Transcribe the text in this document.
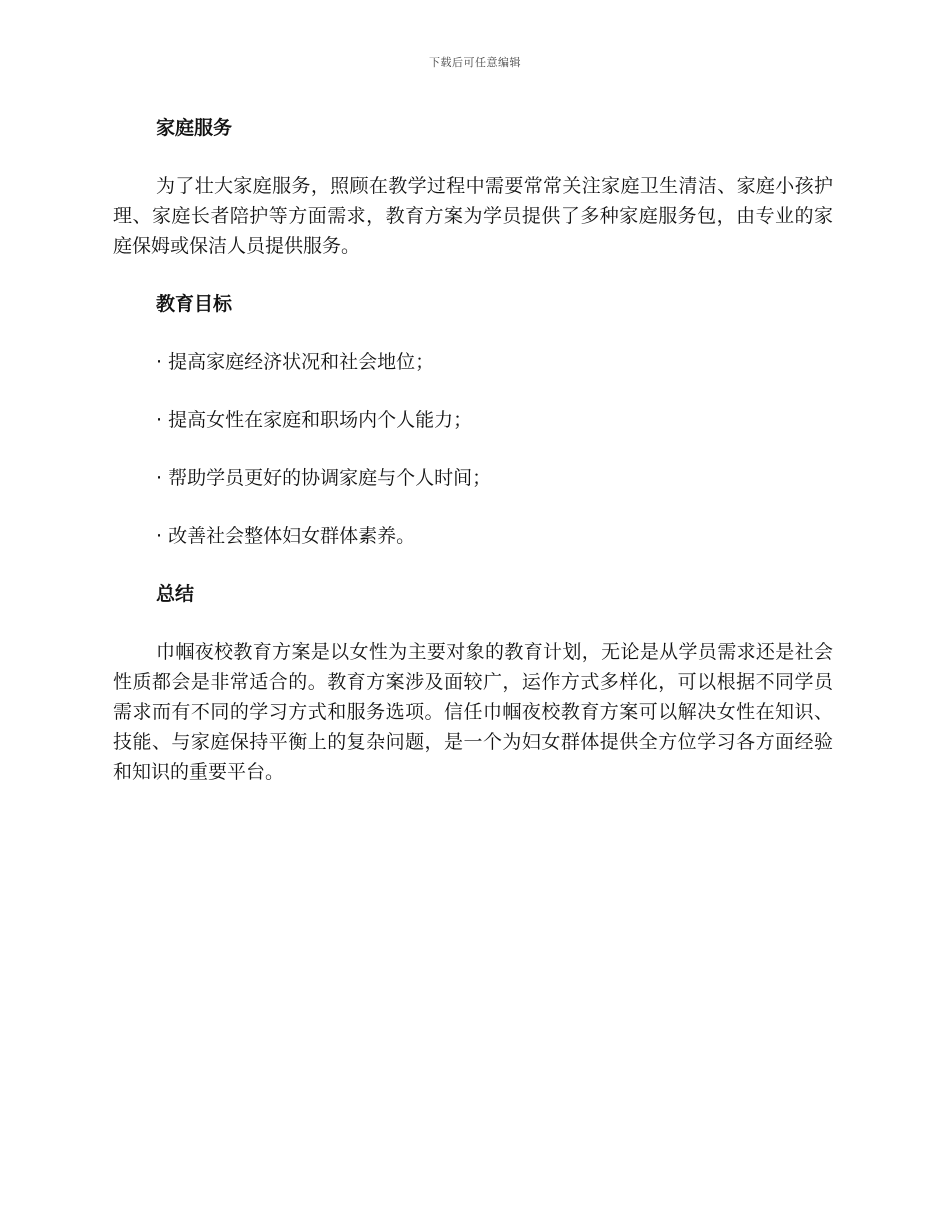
下载后可任意编辑
家庭服务

为了壮大家庭服务，照顾在教学过程中需要常常关注家庭卫生清洁、家庭小孩护理、家庭长者陪护等方面需求，教育方案为学员提供了多种家庭服务包，由专业的家庭保姆或保洁人员提供服务。

教育目标

· 提高家庭经济状况和社会地位；

· 提高女性在家庭和职场内个人能力；

· 帮助学员更好的协调家庭与个人时间；

· 改善社会整体妇女群体素养。

总结

巾帼夜校教育方案是以女性为主要对象的教育计划，无论是从学员需求还是社会性质都会是非常适合的。教育方案涉及面较广，运作方式多样化，可以根据不同学员需求而有不同的学习方式和服务选项。信任巾帼夜校教育方案可以解决女性在知识、技能、与家庭保持平衡上的复杂问题，是一个为妇女群体提供全方位学习各方面经验和知识的重要平台。
